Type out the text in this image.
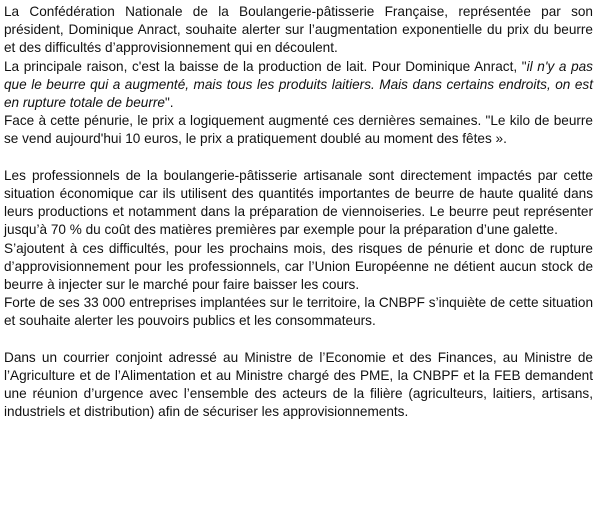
La Confédération Nationale de la Boulangerie-pâtisserie Française, représentée par son président, Dominique Anract, souhaite alerter sur l’augmentation exponentielle du prix du beurre et des difficultés d’approvisionnement qui en découlent.

La principale raison, c'est la baisse de la production de lait. Pour Dominique Anract, "il n'y a pas que le beurre qui a augmenté, mais tous les produits laitiers. Mais dans certains endroits, on est en rupture totale de beurre".

Face à cette pénurie, le prix a logiquement augmenté ces dernières semaines. "Le kilo de beurre se vend aujourd'hui 10 euros, le prix a pratiquement doublé au moment des fêtes ».

Les professionnels de la boulangerie-pâtisserie artisanale sont directement impactés par cette situation économique car ils utilisent des quantités importantes de beurre de haute qualité dans leurs productions et notamment dans la préparation de viennoiseries. Le beurre peut représenter jusqu’à 70 % du coût des matières premières par exemple pour la préparation d’une galette.

S’ajoutent à ces difficultés, pour les prochains mois, des risques de pénurie et donc de rupture d’approvisionnement pour les professionnels, car l’Union Européenne ne détient aucun stock de beurre à injecter sur le marché pour faire baisser les cours.

Forte de ses 33 000 entreprises implantées sur le territoire, la CNBPF s’inquiète de cette situation et souhaite alerter les pouvoirs publics et les consommateurs.

Dans un courrier conjoint adressé au Ministre de l’Economie et des Finances, au Ministre de l’Agriculture et de l’Alimentation et au Ministre chargé des PME, la CNBPF et la FEB demandent une réunion d’urgence avec l’ensemble des acteurs de la filière (agriculteurs, laitiers, artisans, industriels et distribution) afin de sécuriser les approvisionnements.
